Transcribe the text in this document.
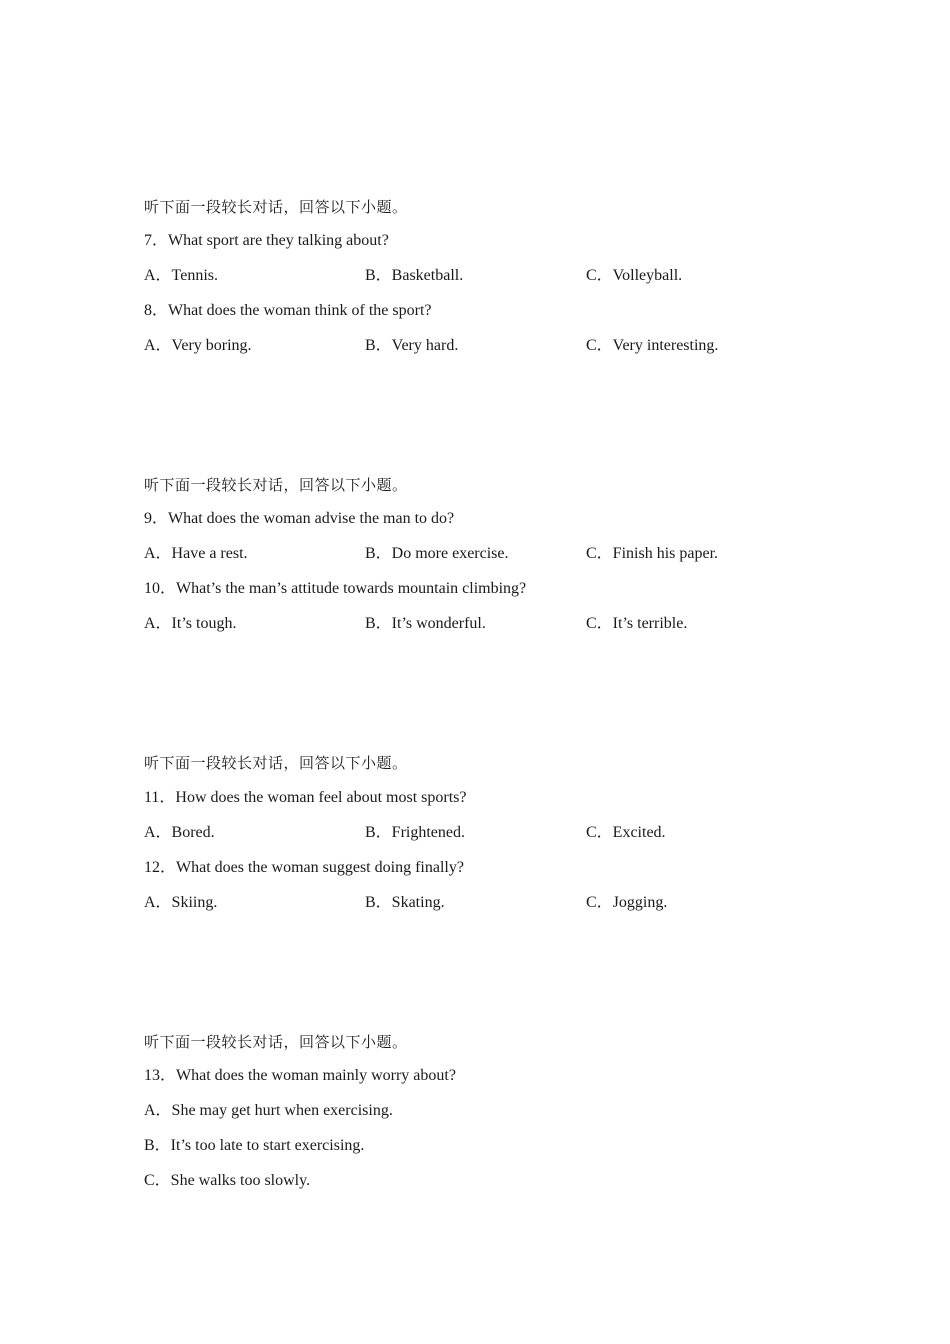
听下面一段较长对话，回答以下小题。
7．What sport are they talking about?
A．Tennis.	B．Basketball.	C．Volleyball.
8．What does the woman think of the sport?
A．Very boring.	B．Very hard.	C．Very interesting.
听下面一段较长对话，回答以下小题。
9．What does the woman advise the man to do?
A．Have a rest.	B．Do more exercise.	C．Finish his paper.
10．What’s the man’s attitude towards mountain climbing?
A．It’s tough.	B．It’s wonderful.	C．It’s terrible.
听下面一段较长对话，回答以下小题。
11．How does the woman feel about most sports?
A．Bored.	B．Frightened.	C．Excited.
12．What does the woman suggest doing finally?
A．Skiing.	B．Skating.	C．Jogging.
听下面一段较长对话，回答以下小题。
13．What does the woman mainly worry about?
A．She may get hurt when exercising.
B．It’s too late to start exercising.
C．She walks too slowly.
